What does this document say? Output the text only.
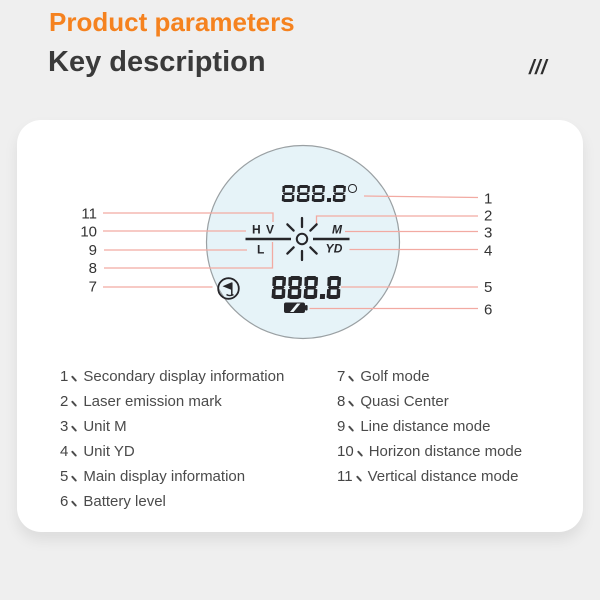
Product parameters
Key description	///
11
10
9
8
7
1
2
3
4
5
6
H V
L
M
YD
1 Secondary display information
2 Laser emission mark
3 Unit M
4 Unit YD
5 Main display information
6 Battery level
7 Golf mode
8 Quasi Center
9 Line distance mode
10 Horizon distance mode
11 Vertical distance mode
